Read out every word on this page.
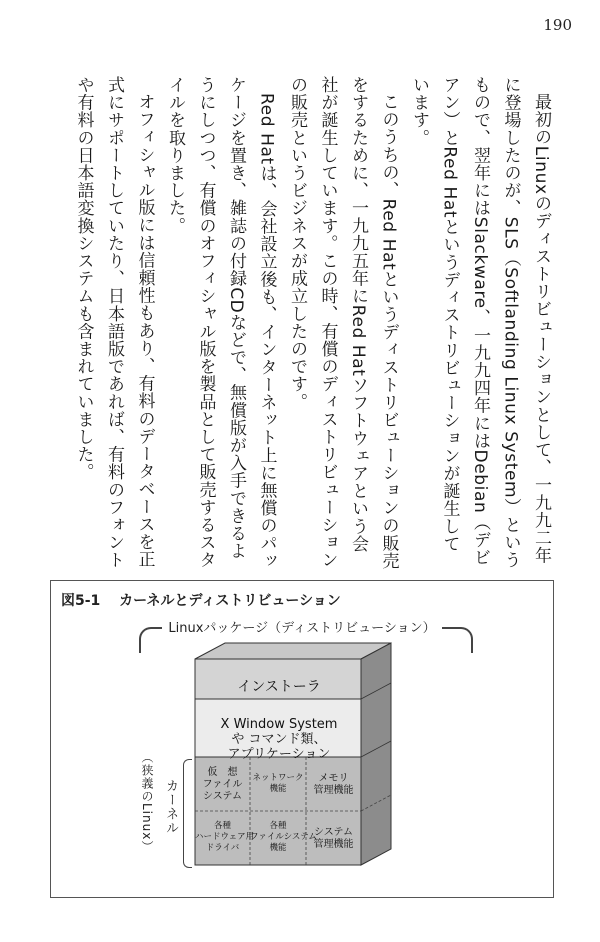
190

最初のLinuxのディストリビューションとして、一九九二年に登場したのが、SLS（Softlanding Linux System）というもので、翌年にはSlackware、一九九四年にはDebian（デビアン）とRed Hatというディストリビューションが誕生しています。

このうちの、Red Hatというディストリビューションの販売をするために、一九九五年にRed Hatソフトウェアという会社が誕生しています。この時、有償のディストリビューションの販売というビジネスが成立したのです。

Red Hatは、会社設立後も、インターネット上に無償のパッケージを置き、雑誌の付録CDなどで、無償版が入手できるようにしつつ、有償のオフィシャル版を製品として販売するスタイルを取りました。

オフィシャル版には信頼性もあり、有料のデータベースを正式にサポートしていたり、日本語版であれば、有料のフォントや有料の日本語変換システムも含まれていました。

図5-1 カーネルとディストリビューション
Linuxパッケージ（ディストリビューション）
インストーラ
X Window System
や コマンド類、
アプリケーション
仮　想
ファイル
システム
ネットワーク
機能
メモリ
管理機能
各種
ハードウェア用
ドライバ
各種
ファイルシステム
機能
システム
管理機能
カーネル
（狭義のLinux）
